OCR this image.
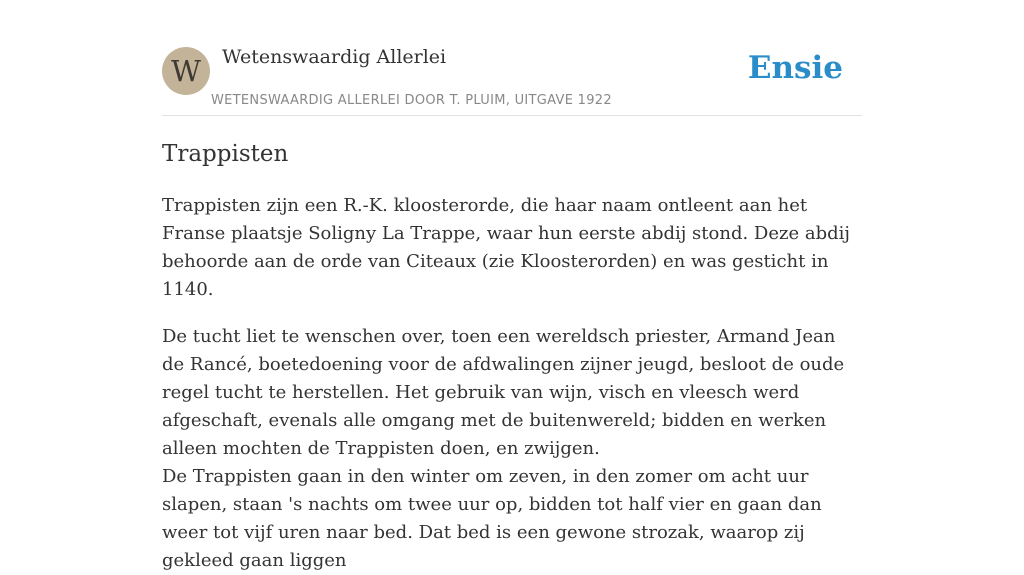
W	Wetenswaardig Allerlei
WETENSWAARDIG ALLERLEI DOOR T. PLUIM, UITGAVE 1922
Ensie
Trappisten

Trappisten zijn een R.-K. kloosterorde, die haar naam ontleent aan het Franse plaatsje Soligny La Trappe, waar hun eerste abdij stond. Deze abdij behoorde aan de orde van Citeaux (zie Kloosterorden) en was gesticht in 1140.

De tucht liet te wenschen over, toen een wereldsch priester, Armand Jean de Rancé, boetedoening voor de afdwalingen zijner jeugd, besloot de oude regel tucht te herstellen. Het gebruik van wijn, visch en vleesch werd afgeschaft, evenals alle omgang met de buitenwereld; bidden en werken alleen mochten de Trappisten doen, en zwijgen.
De Trappisten gaan in den winter om zeven, in den zomer om acht uur slapen, staan 's nachts om twee uur op, bidden tot half vier en gaan dan weer tot vijf uren naar bed. Dat bed is een gewone strozak, waarop zij gekleed gaan liggen
